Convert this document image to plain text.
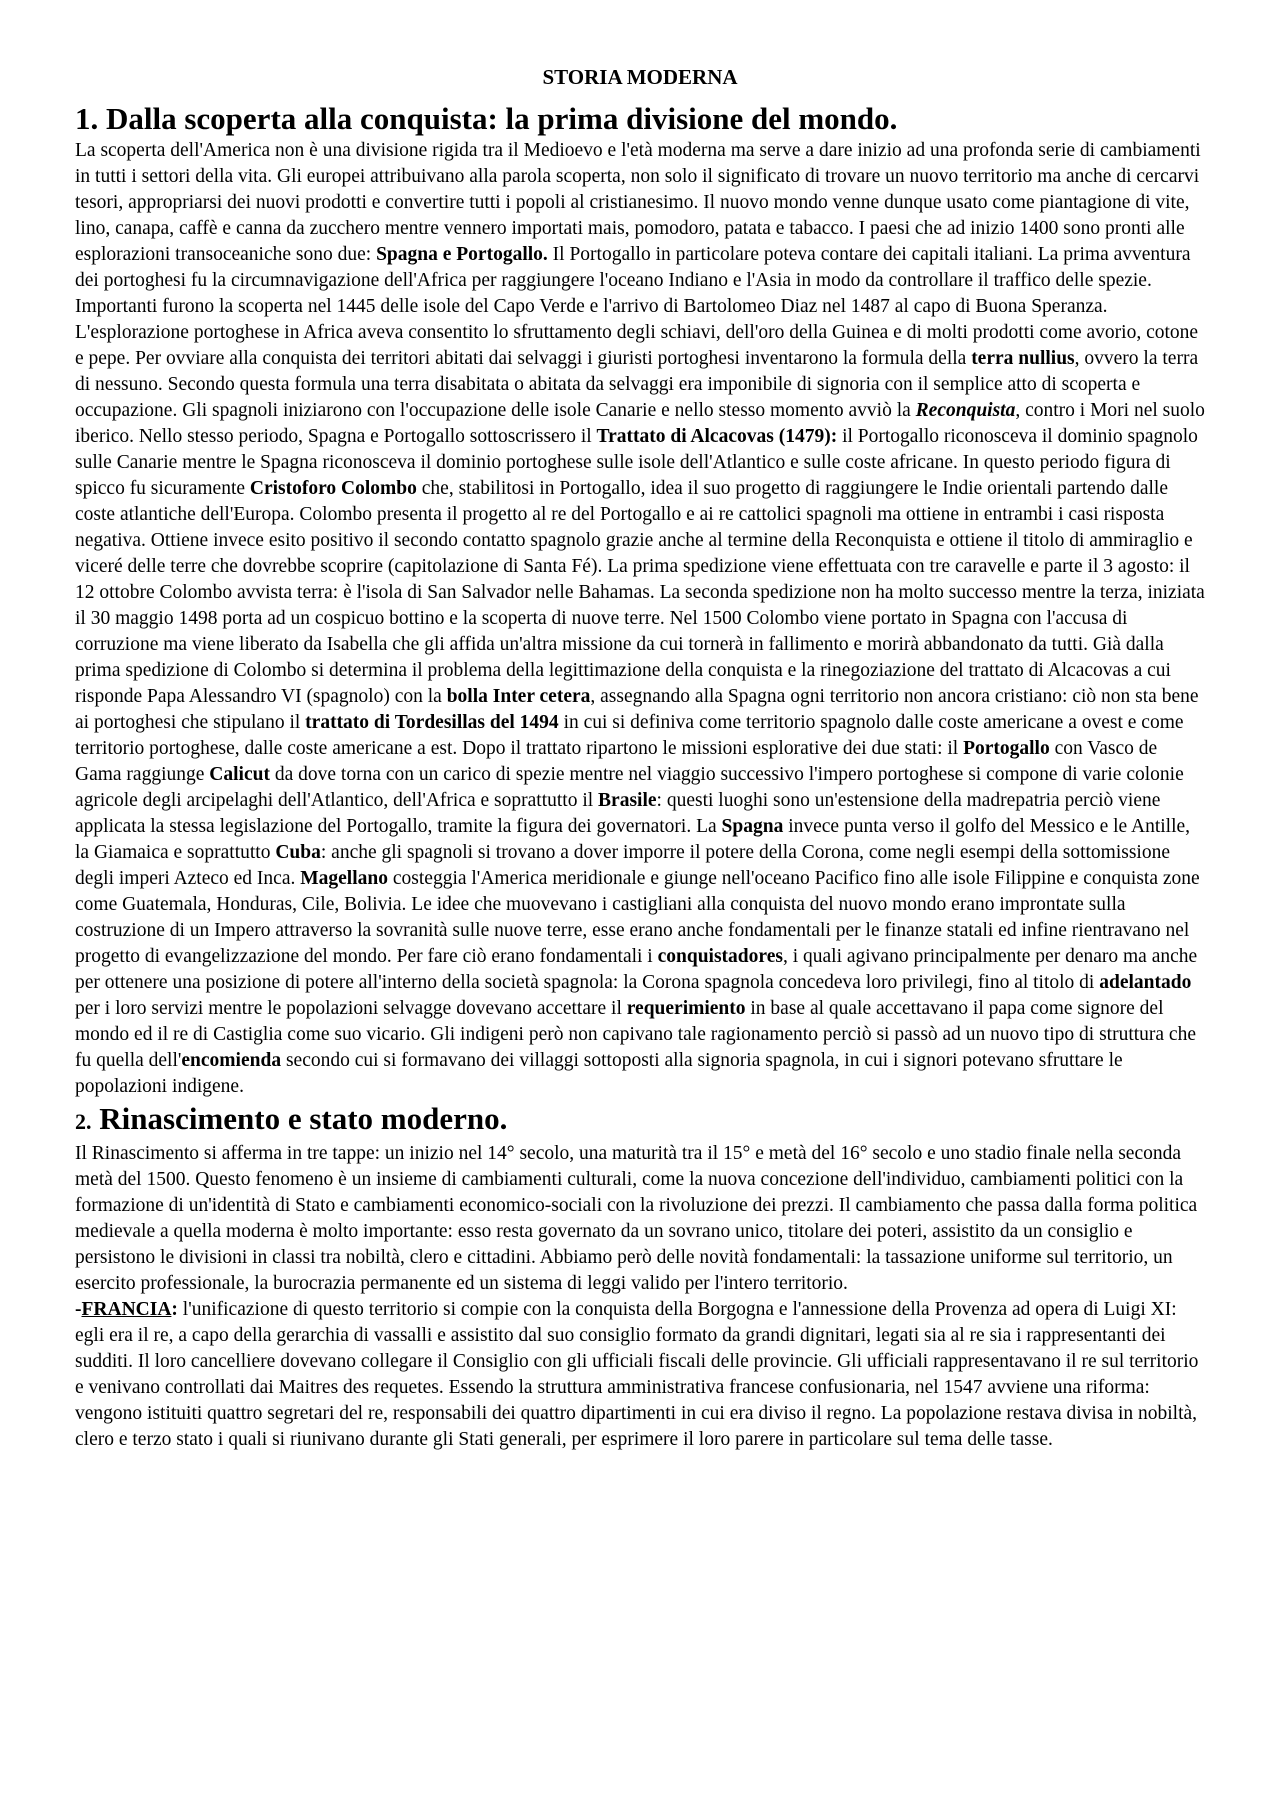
STORIA MODERNA
1. Dalla scoperta alla conquista: la prima divisione del mondo.

La scoperta dell'America non è una divisione rigida tra il Medioevo e l'età moderna ma serve a dare inizio ad una profonda serie di cambiamenti in tutti i settori della vita. Gli europei attribuivano alla parola scoperta, non solo il significato di trovare un nuovo territorio ma anche di cercarvi tesori, appropriarsi dei nuovi prodotti e convertire tutti i popoli al cristianesimo. Il nuovo mondo venne dunque usato come piantagione di vite, lino, canapa, caffè e canna da zucchero mentre vennero importati mais, pomodoro, patata e tabacco. I paesi che ad inizio 1400 sono pronti alle esplorazioni transoceaniche sono due: Spagna e Portogallo. Il Portogallo in particolare poteva contare dei capitali italiani. La prima avventura dei portoghesi fu la circumnavigazione dell'Africa per raggiungere l'oceano Indiano e l'Asia in modo da controllare il traffico delle spezie. Importanti furono la scoperta nel 1445 delle isole del Capo Verde e l'arrivo di Bartolomeo Diaz nel 1487 al capo di Buona Speranza. L'esplorazione portoghese in Africa aveva consentito lo sfruttamento degli schiavi, dell'oro della Guinea e di molti prodotti come avorio, cotone e pepe. Per ovviare alla conquista dei territori abitati dai selvaggi i giuristi portoghesi inventarono la formula della terra nullius, ovvero la terra di nessuno. Secondo questa formula una terra disabitata o abitata da selvaggi era imponibile di signoria con il semplice atto di scoperta e occupazione. Gli spagnoli iniziarono con l'occupazione delle isole Canarie e nello stesso momento avviò la Reconquista, contro i Mori nel suolo iberico. Nello stesso periodo, Spagna e Portogallo sottoscrissero il Trattato di Alcacovas (1479): il Portogallo riconosceva il dominio spagnolo sulle Canarie mentre le Spagna riconosceva il dominio portoghese sulle isole dell'Atlantico e sulle coste africane. In questo periodo figura di spicco fu sicuramente Cristoforo Colombo che, stabilitosi in Portogallo, idea il suo progetto di raggiungere le Indie orientali partendo dalle coste atlantiche dell'Europa. Colombo presenta il progetto al re del Portogallo e ai re cattolici spagnoli ma ottiene in entrambi i casi risposta negativa. Ottiene invece esito positivo il secondo contatto spagnolo grazie anche al termine della Reconquista e ottiene il titolo di ammiraglio e viceré delle terre che dovrebbe scoprire (capitolazione di Santa Fé). La prima spedizione viene effettuata con tre caravelle e parte il 3 agosto: il 12 ottobre Colombo avvista terra: è l'isola di San Salvador nelle Bahamas. La seconda spedizione non ha molto successo mentre la terza, iniziata il 30 maggio 1498 porta ad un cospicuo bottino e la scoperta di nuove terre. Nel 1500 Colombo viene portato in Spagna con l'accusa di corruzione ma viene liberato da Isabella che gli affida un'altra missione da cui tornerà in fallimento e morirà abbandonato da tutti. Già dalla prima spedizione di Colombo si determina il problema della legittimazione della conquista e la rinegoziazione del trattato di Alcacovas a cui risponde Papa Alessandro VI (spagnolo) con la bolla Inter cetera, assegnando alla Spagna ogni territorio non ancora cristiano: ciò non sta bene ai portoghesi che stipulano il trattato di Tordesillas del 1494 in cui si definiva come territorio spagnolo dalle coste americane a ovest e come territorio portoghese, dalle coste americane a est. Dopo il trattato ripartono le missioni esplorative dei due stati: il Portogallo con Vasco de Gama raggiunge Calicut da dove torna con un carico di spezie mentre nel viaggio successivo l'impero portoghese si compone di varie colonie agricole degli arcipelaghi dell'Atlantico, dell'Africa e soprattutto il Brasile: questi luoghi sono un'estensione della madrepatria perciò viene applicata la stessa legislazione del Portogallo, tramite la figura dei governatori. La Spagna invece punta verso il golfo del Messico e le Antille, la Giamaica e soprattutto Cuba: anche gli spagnoli si trovano a dover imporre il potere della Corona, come negli esempi della sottomissione degli imperi Azteco ed Inca. Magellano costeggia l'America meridionale e giunge nell'oceano Pacifico fino alle isole Filippine e conquista zone come Guatemala, Honduras, Cile, Bolivia. Le idee che muovevano i castigliani alla conquista del nuovo mondo erano improntate sulla costruzione di un Impero attraverso la sovranità sulle nuove terre, esse erano anche fondamentali per le finanze statali ed infine rientravano nel progetto di evangelizzazione del mondo. Per fare ciò erano fondamentali i conquistadores, i quali agivano principalmente per denaro ma anche per ottenere una posizione di potere all'interno della società spagnola: la Corona spagnola concedeva loro privilegi, fino al titolo di adelantado per i loro servizi mentre le popolazioni selvagge dovevano accettare il requerimiento in base al quale accettavano il papa come signore del mondo ed il re di Castiglia come suo vicario. Gli indigeni però non capivano tale ragionamento perciò si passò ad un nuovo tipo di struttura che fu quella dell'encomienda secondo cui si formavano dei villaggi sottoposti alla signoria spagnola, in cui i signori potevano sfruttare le popolazioni indigene.

2. Rinascimento e stato moderno.

Il Rinascimento si afferma in tre tappe: un inizio nel 14° secolo, una maturità tra il 15° e metà del 16° secolo e uno stadio finale nella seconda metà del 1500. Questo fenomeno è un insieme di cambiamenti culturali, come la nuova concezione dell'individuo, cambiamenti politici con la formazione di un'identità di Stato e cambiamenti economico-sociali con la rivoluzione dei prezzi. Il cambiamento che passa dalla forma politica medievale a quella moderna è molto importante: esso resta governato da un sovrano unico, titolare dei poteri, assistito da un consiglio e persistono le divisioni in classi tra nobiltà, clero e cittadini. Abbiamo però delle novità fondamentali: la tassazione uniforme sul territorio, un esercito professionale, la burocrazia permanente ed un sistema di leggi valido per l'intero territorio.

-FRANCIA: l'unificazione di questo territorio si compie con la conquista della Borgogna e l'annessione della Provenza ad opera di Luigi XI: egli era il re, a capo della gerarchia di vassalli e assistito dal suo consiglio formato da grandi dignitari, legati sia al re sia i rappresentanti dei sudditi. Il loro cancelliere dovevano collegare il Consiglio con gli ufficiali fiscali delle provincie. Gli ufficiali rappresentavano il re sul territorio e venivano controllati dai Maitres des requetes. Essendo la struttura amministrativa francese confusionaria, nel 1547 avviene una riforma: vengono istituiti quattro segretari del re, responsabili dei quattro dipartimenti in cui era diviso il regno. La popolazione restava divisa in nobiltà, clero e terzo stato i quali si riunivano durante gli Stati generali, per esprimere il loro parere in particolare sul tema delle tasse.
